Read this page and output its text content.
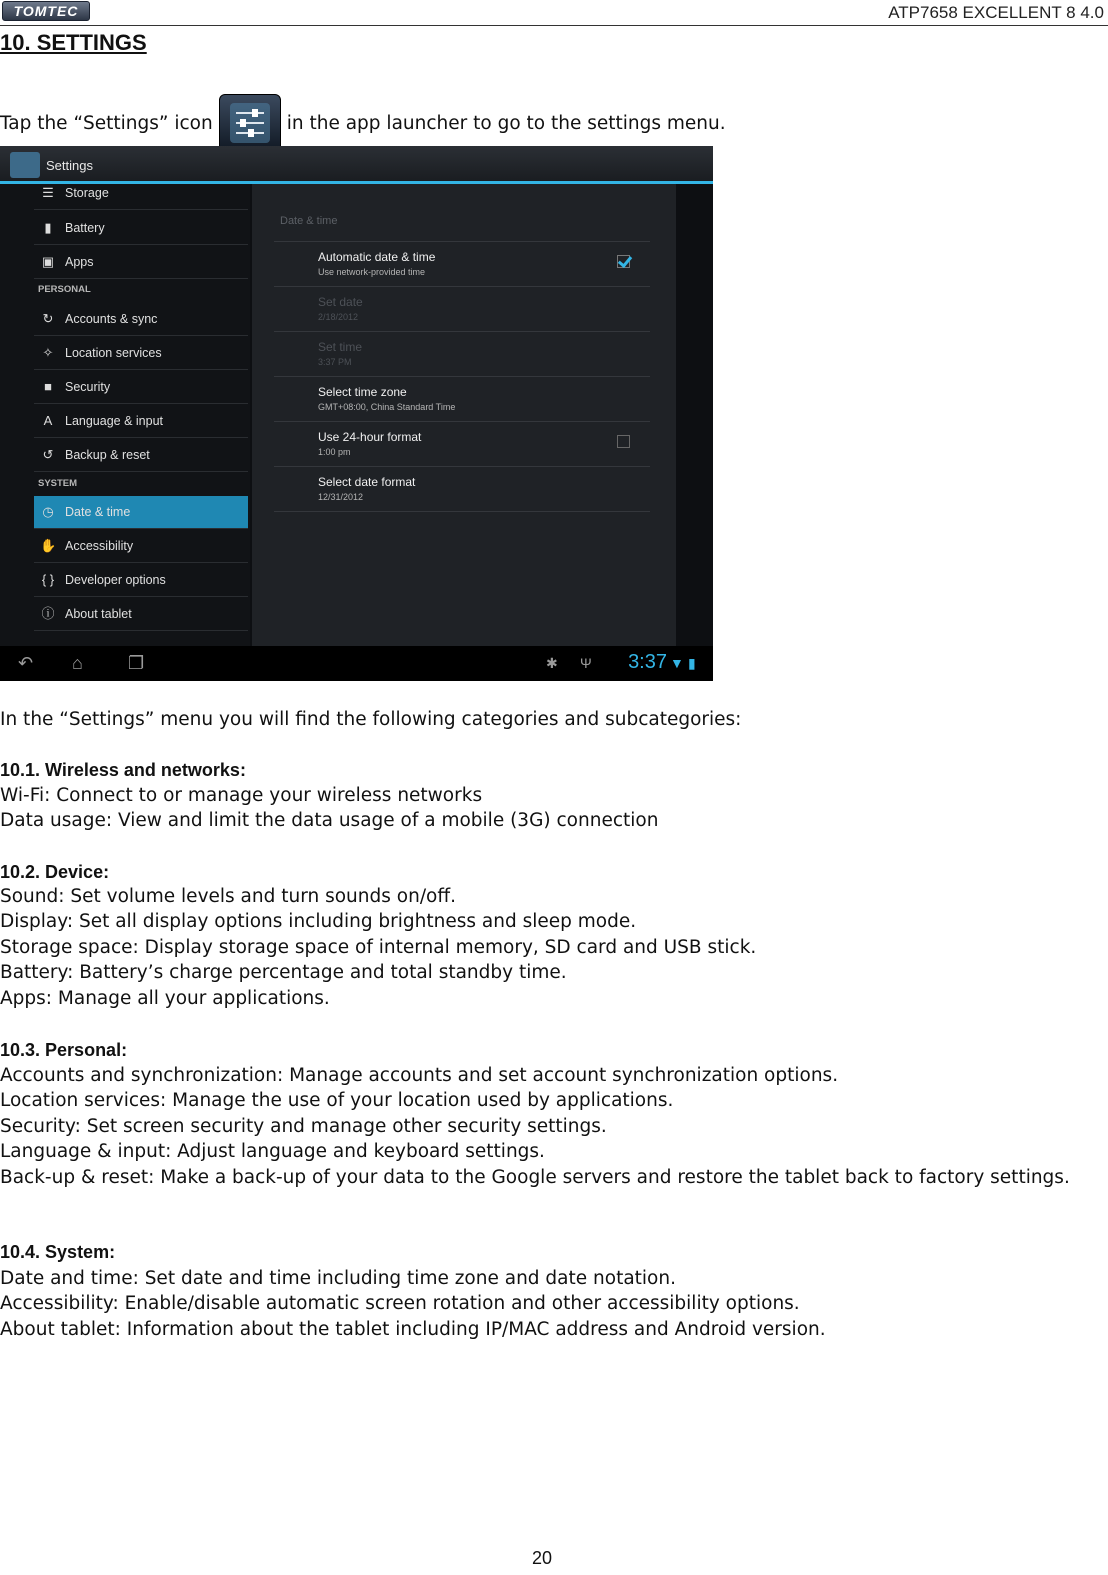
TOMTEC	ATP7658 EXCELLENT 8 4.0
10. SETTINGS
Tap the “Settings” icon	in the app launcher to go to the settings menu.
Settings
☰ Storage
▮	Battery
▣ Apps
PERSONAL
↻ Accounts & sync
✧ Location services
■	Security
A Language & input
↺ Backup & reset
SYSTEM
◷ Date & time
✋ Accessibility
{ } Developer options
ⓘ About tablet
Date & time
Automatic date & time
Use network-provided time
Set date
2/18/2012
Set time
3:37 PM
Select time zone
GMT+08:00, China Standard Time
Use 24-hour format
1:00 pm
Select date format
12/31/2012
↶ ⌂	❐	✱ Ψ 3:37 ▼ ▮
In the “Settings” menu you will find the following categories and subcategories:
10.1. Wireless and networks:
Wi-Fi: Connect to or manage your wireless networks
Data usage: View and limit the data usage of a mobile (3G) connection
10.2. Device:
Sound: Set volume levels and turn sounds on/off.
Display: Set all display options including brightness and sleep mode.
Storage space: Display storage space of internal memory, SD card and USB stick.
Battery: Battery’s charge percentage and total standby time.
Apps: Manage all your applications.
10.3. Personal:
Accounts and synchronization: Manage accounts and set account synchronization options.
Location services: Manage the use of your location used by applications.
Security: Set screen security and manage other security settings.
Language & input: Adjust language and keyboard settings.
Back-up & reset: Make a back-up of your data to the Google servers and restore the tablet back to factory settings.
10.4. System:
Date and time: Set date and time including time zone and date notation.
Accessibility: Enable/disable automatic screen rotation and other accessibility options.
About tablet: Information about the tablet including IP/MAC address and Android version.
20
